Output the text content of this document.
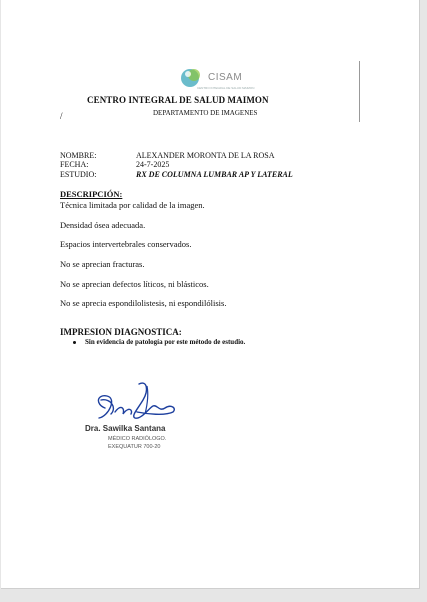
CISAM
CENTRO INTEGRAL DE SALUD MAIMON
CENTRO INTEGRAL DE SALUD MAIMON
DEPARTAMENTO DE IMAGENES
/
NOMBRE:	ALEXANDER MORONTA DE LA ROSA
FECHA:	24-7-2025
ESTUDIO:	RX DE COLUMNA LUMBAR AP Y LATERAL
DESCRIPCIÓN:
Técnica limitada por calidad de la imagen.
Densidad ósea adecuada.
Espacios intervertebrales conservados.
No se aprecian fracturas.
No se aprecian defectos líticos, ni blásticos.
No se aprecia espondilolistesis, ni espondilólisis.
IMPRESION DIAGNOSTICA:
Sin evidencia de patología por este método de estudio.
Dra. Sawilka Santana
MÉDICO RADIÓLOGO.
EXEQUATUR 700-20
